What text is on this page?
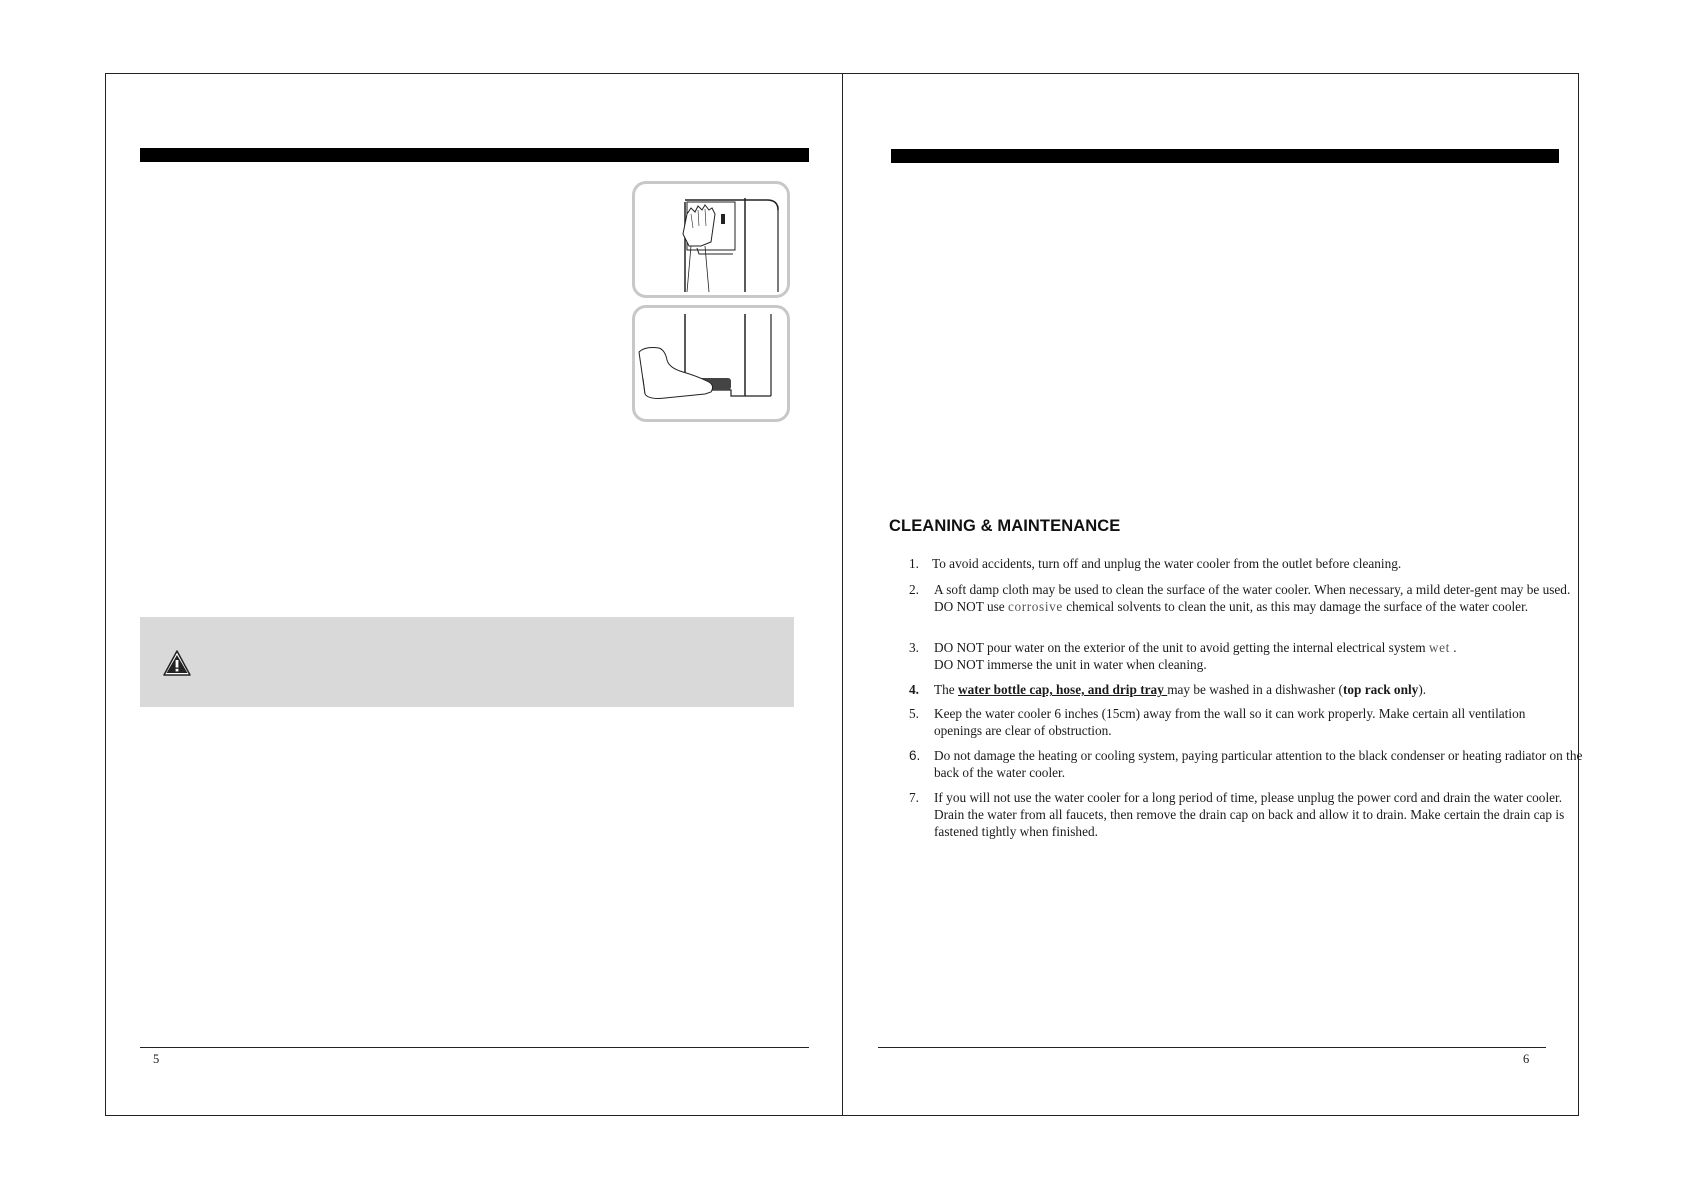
5
CLEANING & MAINTENANCE
1. To avoid accidents, turn off and unplug the water cooler from the outlet before cleaning.
2. A soft damp cloth may be used to clean the surface of the water cooler. When necessary, a mild deter-gent may be used. DO NOT use corrosive chemical solvents to clean the unit, as this may damage the surface of the water cooler.
3. DO NOT pour water on the exterior of the unit to avoid getting the internal electrical system wet .
DO NOT immerse the unit in water when cleaning.
4. The water bottle cap, hose, and drip tray may be washed in a dishwasher (top rack only).
5. Keep the water cooler 6 inches (15cm) away from the wall so it can work properly. Make certain all ventilation openings are clear of obstruction.
6. Do not damage the heating or cooling system, paying particular attention to the black condenser or heating radiator on the back of the water cooler.
7. If you will not use the water cooler for a long period of time, please unplug the power cord and drain the water cooler. Drain the water from all faucets, then remove the drain cap on back and allow it to drain. Make certain the drain cap is fastened tightly when finished.
6
